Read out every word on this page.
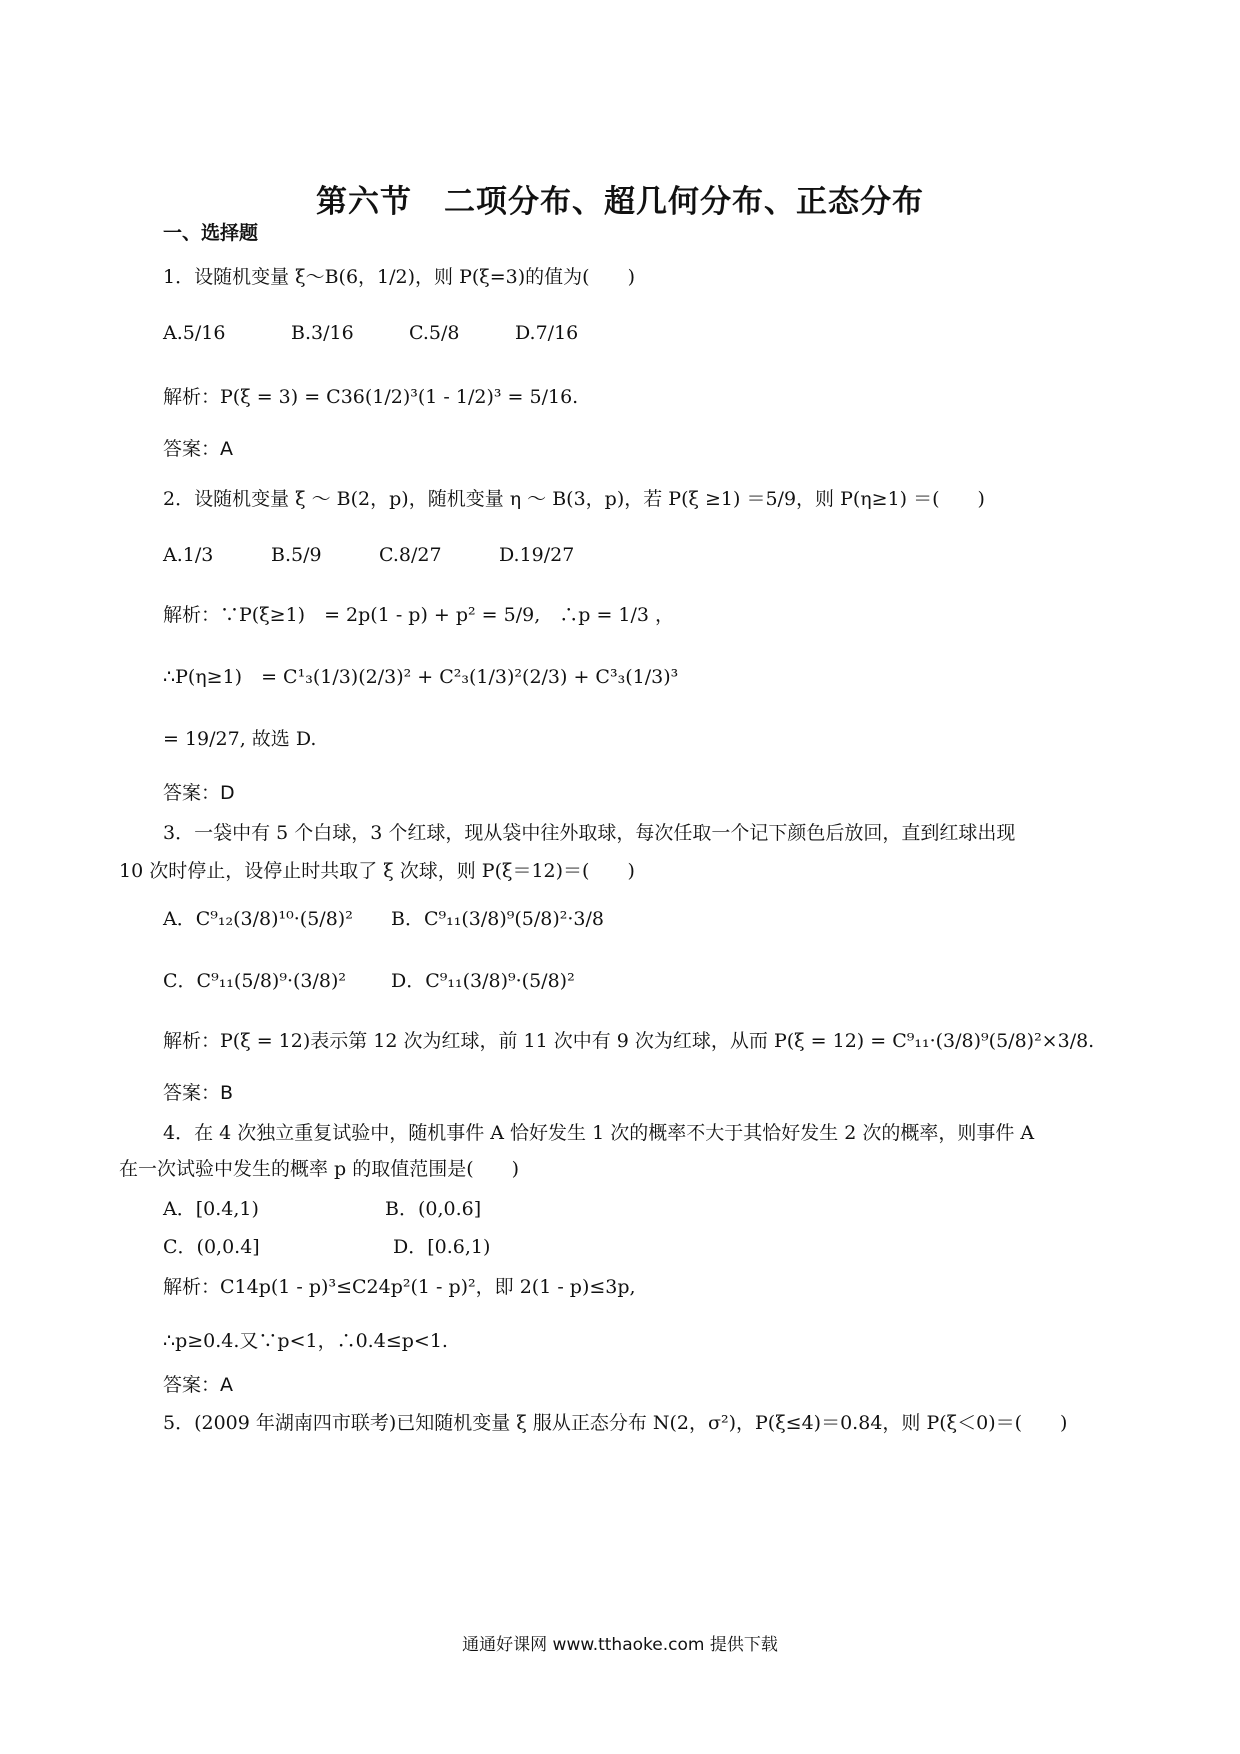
第六节　二项分布、超几何分布、正态分布
一、选择题
1．设随机变量 ξ～B(6，1/2)，则 P(ξ=3)的值为(　　)
A.5/16	B.3/16	C.5/8	D.7/16
解析：P(ξ = 3) = C36(1/2)³(1 - 1/2)³ = 5/16.
答案：A
2．设随机变量 ξ ～ B(2，p)，随机变量 η ～ B(3，p)，若 P(ξ ≥1) ＝5/9，则 P(η≥1) ＝(　　)
A.1/3	B.5/9	C.8/27	D.19/27
解析：∵P(ξ≥1)　= 2p(1 - p) + p² = 5/9,　∴p = 1/3 ，
∴P(η≥1)　= C¹₃(1/3)(2/3)² + C²₃(1/3)²(2/3) + C³₃(1/3)³
= 19/27, 故选 D.
答案：D
3．一袋中有 5 个白球，3 个红球，现从袋中往外取球，每次任取一个记下颜色后放回，直到红球出现
10 次时停止，设停止时共取了 ξ 次球，则 P(ξ＝12)＝(　　)
A．C⁹₁₂(3/8)¹⁰·(5/8)² B．C⁹₁₁(3/8)⁹(5/8)²·3/8
C．C⁹₁₁(5/8)⁹·(3/8)² D．C⁹₁₁(3/8)⁹·(5/8)²
解析：P(ξ = 12)表示第 12 次为红球，前 11 次中有 9 次为红球，从而 P(ξ = 12) = C⁹₁₁·(3/8)⁹(5/8)²×3/8.
答案：B
4．在 4 次独立重复试验中，随机事件 A 恰好发生 1 次的概率不大于其恰好发生 2 次的概率，则事件 A
在一次试验中发生的概率 p 的取值范围是(　　)
A．[0.4,1)	B．(0,0.6]
C．(0,0.4]	D．[0.6,1)
解析：C14p(1 - p)³≤C24p²(1 - p)²，即 2(1 - p)≤3p,
∴p≥0.4.又∵p<1，∴0.4≤p<1.
答案：A
5．(2009 年湖南四市联考)已知随机变量 ξ 服从正态分布 N(2，σ²)，P(ξ≤4)＝0.84，则 P(ξ＜0)＝(　　)
通通好课网 www.tthaoke.com 提供下载
